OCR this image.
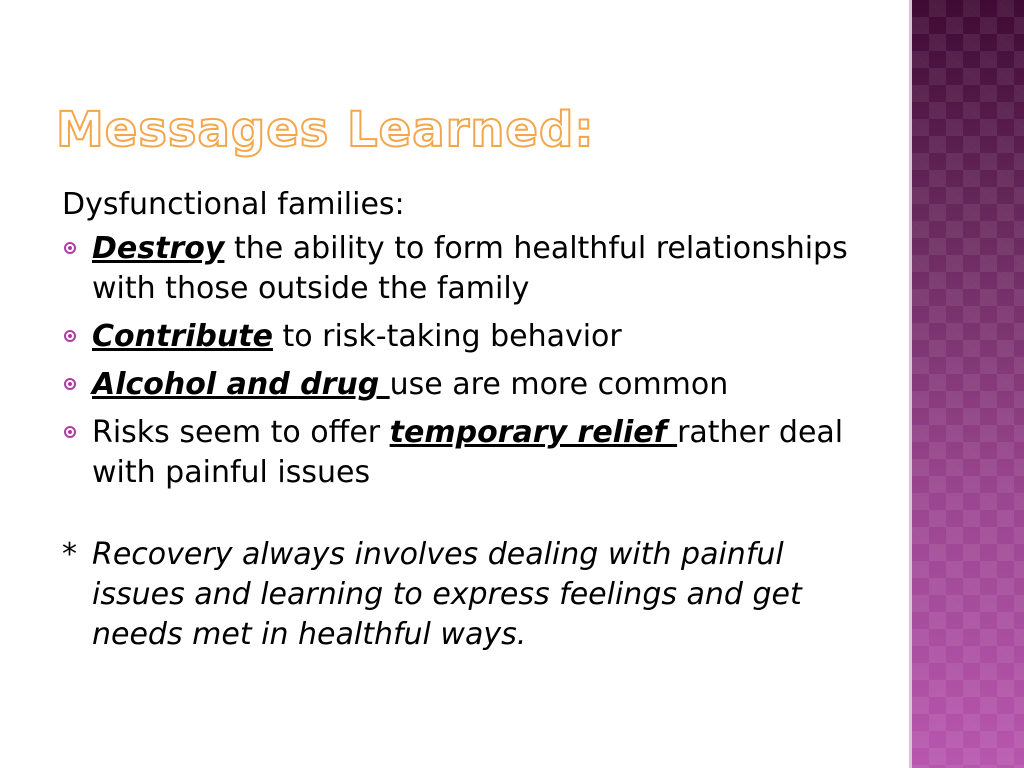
Messages Learned:

Dysfunctional families:

Destroy the ability to form healthful relationships with those outside the family
Contribute to risk-taking behavior
Alcohol and drug use are more common
Risks seem to offer temporary relief rather deal with painful issues

* Recovery always involves dealing with painful issues and learning to express feelings and get needs met in healthful ways.
